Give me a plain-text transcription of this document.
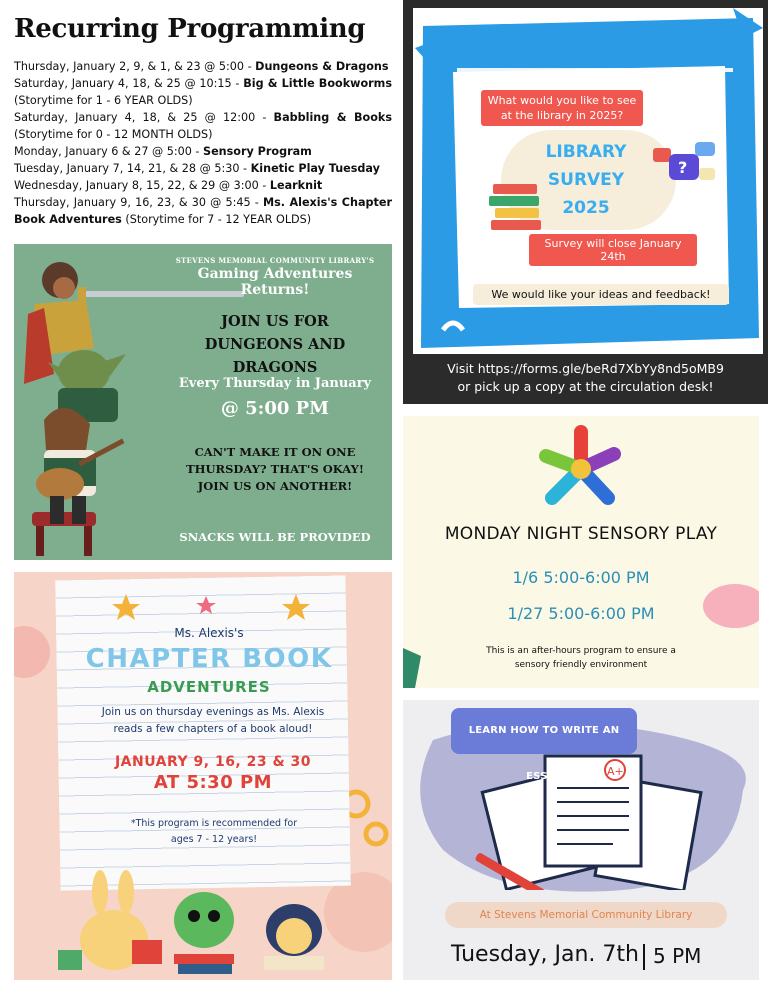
Recurring Programming
Thursday, January 2, 9, & 1, & 23 @ 5:00 - Dungeons & Dragons
Saturday, January 4, 18, & 25 @ 10:15 - Big & Little Bookworms (Storytime for 1 - 6 YEAR OLDS)
Saturday, January 4, 18, & 25 @ 12:00 - Babbling & Books (Storytime for 0 - 12 MONTH OLDS)
Monday, January 6 & 27 @ 5:00 - Sensory Program
Tuesday, January 7, 14, 21, & 28 @ 5:30 - Kinetic Play Tuesday
Wednesday, January 8, 15, 22, & 29 @ 3:00 - Learknit
Thursday, January 9, 16, 23, & 30 @ 5:45 - Ms. Alexis's Chapter Book Adventures (Storytime for 7 - 12 YEAR OLDS)
STEVENS MEMORIAL COMMUNITY LIBRARY'S
Gaming Adventures Returns!
JOIN US FOR
DUNGEONS AND DRAGONS
Every Thursday in January
@ 5:00 PM
CAN'T MAKE IT ON ONE
THURSDAY? THAT'S OKAY!
JOIN US ON ANOTHER!
SNACKS WILL BE PROVIDED
What would you like to see
at the library in 2025?
LIBRARY
SURVEY
2025
?
Survey will close January 24th
We would like your ideas and feedback!
Visit https://forms.gle/beRd7XbYy8nd5oMB9
or pick up a copy at the circulation desk!
MONDAY NIGHT SENSORY PLAY
1/6 5:00-6:00 PM
1/27 5:00-6:00 PM
This is an after-hours program to ensure a
sensory friendly environment
Ms. Alexis's
CHAPTER BOOK
ADVENTURES
Join us on thursday evenings as Ms. Alexis
reads a few chapters of a book aloud!
JANUARY 9, 16, 23 & 30
AT 5:30 PM
*This program is recommended for
ages 7 - 12 years!
A+
LEARN HOW TO WRITE AN ESSAY
At Stevens Memorial Community Library
Tuesday, Jan. 7th 5 PM
